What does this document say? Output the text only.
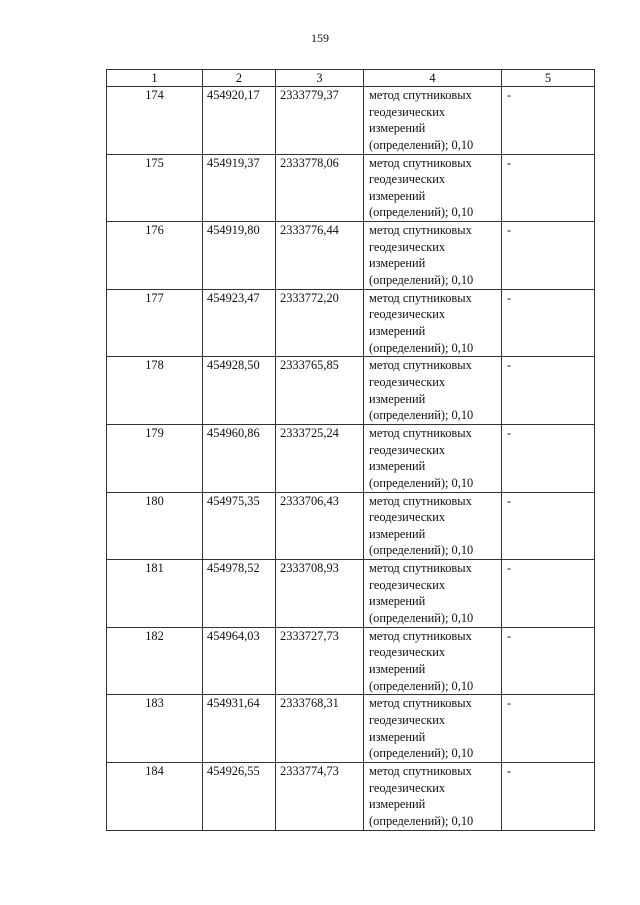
159
1	2	3	4	5
174	454920,17	2333779,37	метод спутниковых
геодезических
измерений
(определений); 0,10	-
175	454919,37	2333778,06	метод спутниковых
геодезических
измерений
(определений); 0,10	-
176	454919,80	2333776,44	метод спутниковых
геодезических
измерений
(определений); 0,10	-
177	454923,47	2333772,20	метод спутниковых
геодезических
измерений
(определений); 0,10	-
178	454928,50	2333765,85	метод спутниковых
геодезических
измерений
(определений); 0,10	-
179	454960,86	2333725,24	метод спутниковых
геодезических
измерений
(определений); 0,10	-
180	454975,35	2333706,43	метод спутниковых
геодезических
измерений
(определений); 0,10	-
181	454978,52	2333708,93	метод спутниковых
геодезических
измерений
(определений); 0,10	-
182	454964,03	2333727,73	метод спутниковых
геодезических
измерений
(определений); 0,10	-
183	454931,64	2333768,31	метод спутниковых
геодезических
измерений
(определений); 0,10	-
184	454926,55	2333774,73	метод спутниковых
геодезических
измерений
(определений); 0,10	-
